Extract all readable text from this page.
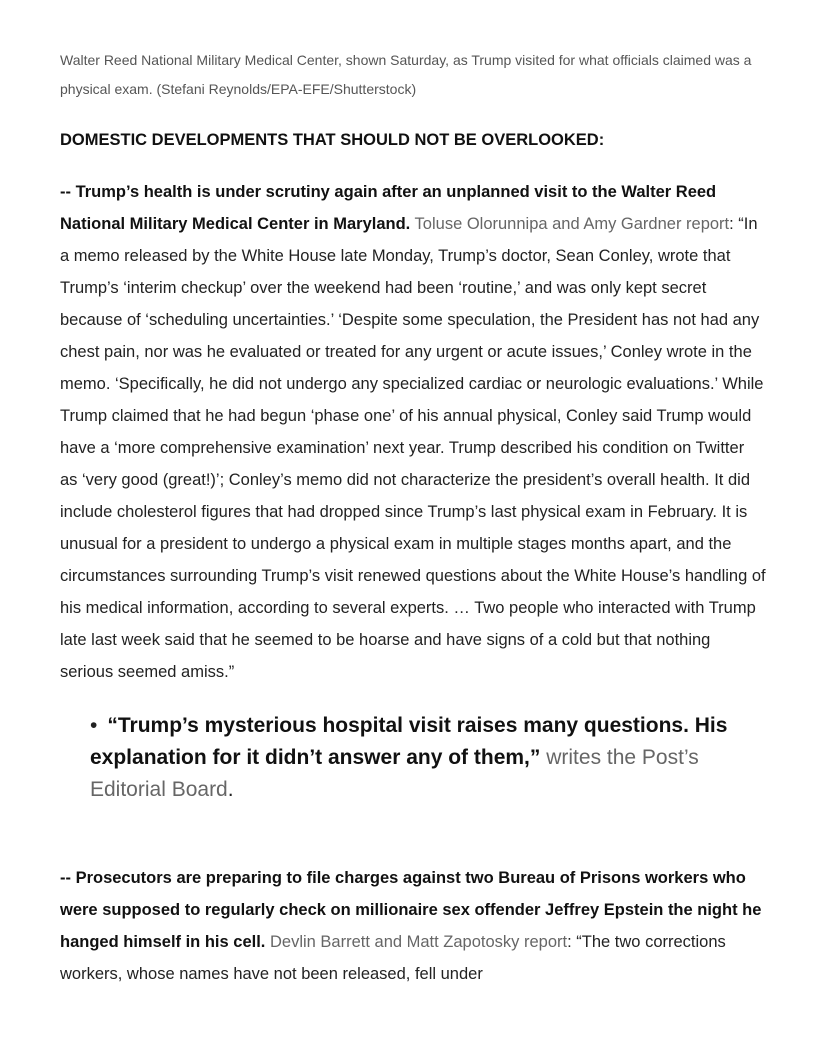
Walter Reed National Military Medical Center, shown Saturday, as Trump visited for what officials claimed was a physical exam. (Stefani Reynolds/EPA-EFE/Shutterstock)

DOMESTIC DEVELOPMENTS THAT SHOULD NOT BE OVERLOOKED:

-- Trump’s health is under scrutiny again after an unplanned visit to the Walter Reed National Military Medical Center in Maryland. Toluse Olorunnipa and Amy Gardner report: “In a memo released by the White House late Monday, Trump’s doctor, Sean Conley, wrote that Trump’s ‘interim checkup’ over the weekend had been ‘routine,’ and was only kept secret because of ‘scheduling uncertainties.’ ‘Despite some speculation, the President has not had any chest pain, nor was he evaluated or treated for any urgent or acute issues,’ Conley wrote in the memo. ‘Specifically, he did not undergo any specialized cardiac or neurologic evaluations.’ While Trump claimed that he had begun ‘phase one’ of his annual physical, Conley said Trump would have a ‘more comprehensive examination’ next year. Trump described his condition on Twitter as ‘very good (great!)’; Conley’s memo did not characterize the president’s overall health. It did include cholesterol figures that had dropped since Trump’s last physical exam in February. It is unusual for a president to undergo a physical exam in multiple stages months apart, and the circumstances surrounding Trump’s visit renewed questions about the White House’s handling of his medical information, according to several experts. … Two people who interacted with Trump late last week said that he seemed to be hoarse and have signs of a cold but that nothing serious seemed amiss.”

• “Trump’s mysterious hospital visit raises many questions. His explanation for it didn’t answer any of them,” writes the Post’s Editorial Board.

-- Prosecutors are preparing to file charges against two Bureau of Prisons workers who were supposed to regularly check on millionaire sex offender Jeffrey Epstein the night he hanged himself in his cell. Devlin Barrett and Matt Zapotosky report: “The two corrections workers, whose names have not been released, fell under
